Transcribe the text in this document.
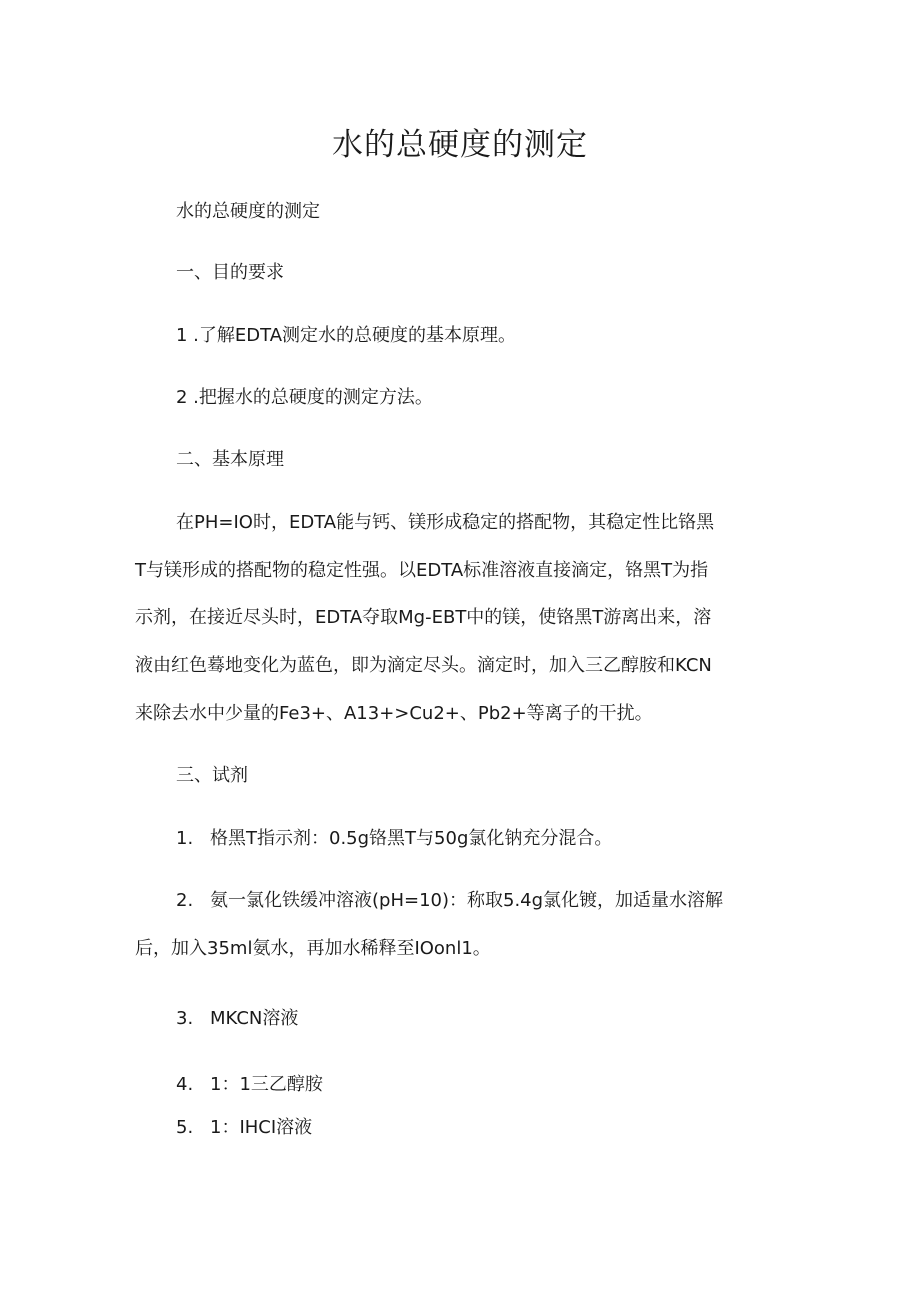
水的总硬度的测定
水的总硬度的测定
一、目的要求
1 .了解EDTA测定水的总硬度的基本原理。
2 .把握水的总硬度的测定方法。
二、基本原理
在PH=IO时，EDTA能与钙、镁形成稳定的搭配物，其稳定性比铬黑
T与镁形成的搭配物的稳定性强。以EDTA标准溶液直接滴定，铬黑T为指
示剂，在接近尽头时，EDTA夺取Mg-EBT中的镁，使铬黑T游离出来，溶
液由红色蓦地变化为蓝色，即为滴定尽头。滴定时，加入三乙醇胺和KCN
来除去水中少量的Fe3+、A13+>Cu2+、Pb2+等离子的干扰。
三、试剂
1. 格黑T指示剂：0.5g铬黑T与50g氯化钠充分混合。
2. 氨一氯化铁缓冲溶液(pH=10)：称取5.4g氯化镀，加适量水溶解
后，加入35ml氨水，再加水稀释至IOonl1。
3. MKCN溶液
4. 1：1三乙醇胺
5. 1：IHCI溶液
